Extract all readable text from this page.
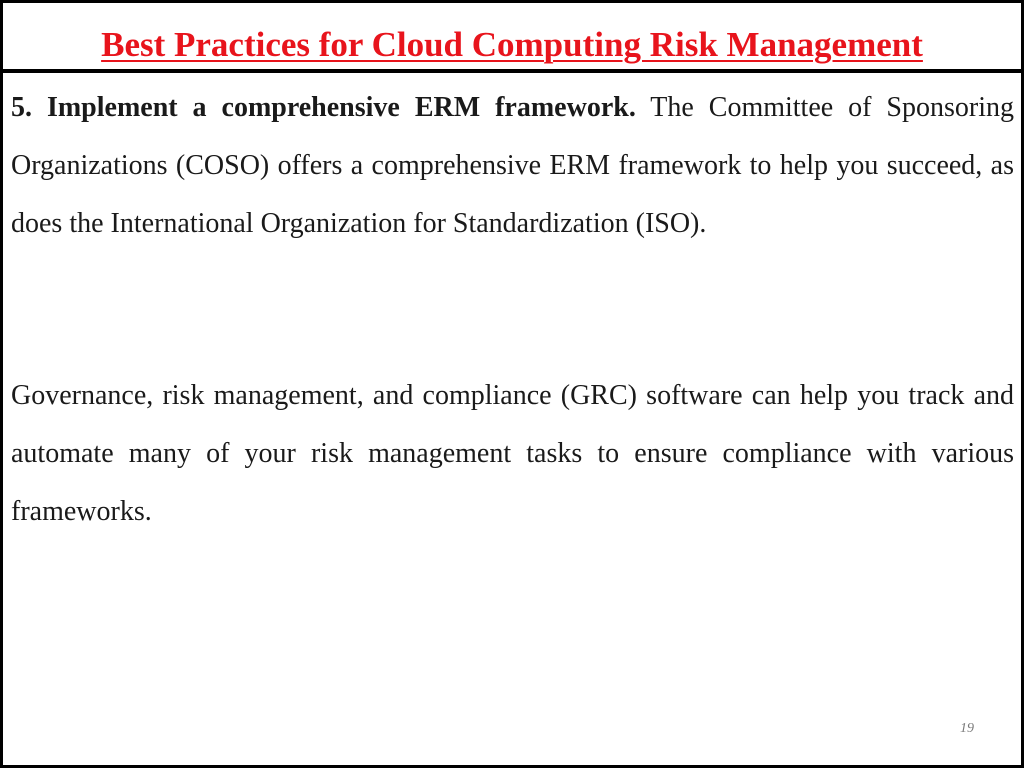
Best Practices for Cloud Computing Risk Management

5. Implement a comprehensive ERM framework. The Committee of Sponsoring Organizations (COSO) offers a comprehensive ERM framework to help you succeed, as does the International Organization for Standardization (ISO).

Governance, risk management, and compliance (GRC) software can help you track and automate many of your risk management tasks to ensure compliance with various frameworks.

19
